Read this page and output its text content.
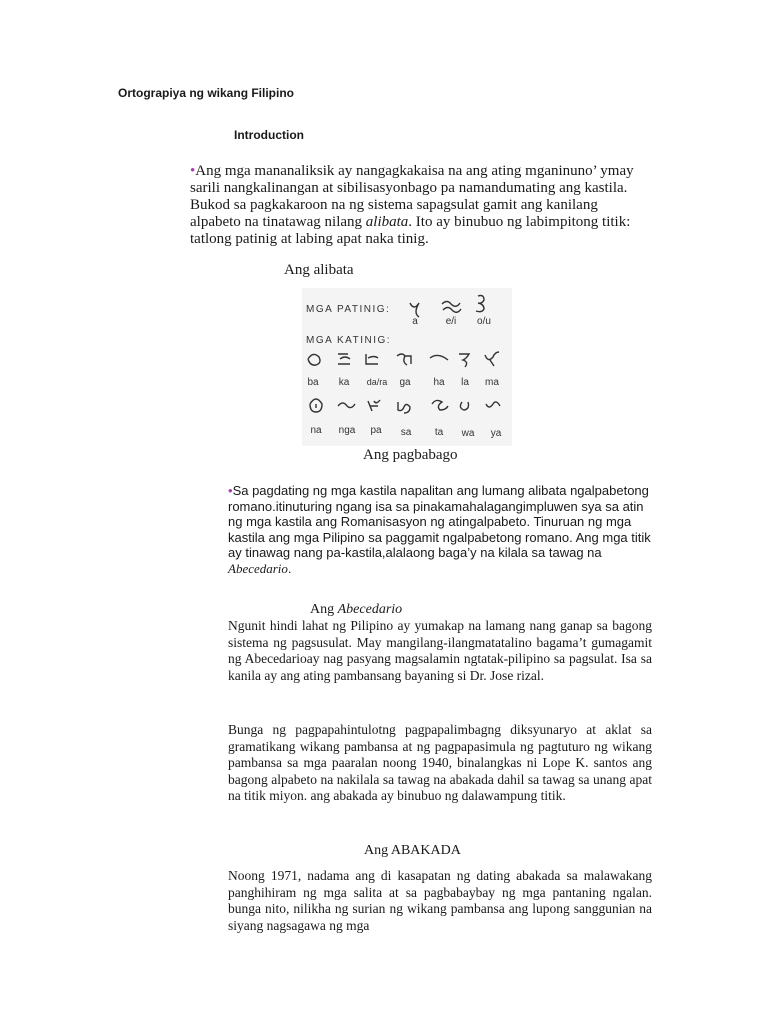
Ortograpiya ng wikang Filipino
Introduction
•Ang mga mananaliksik ay nangagkakaisa na ang ating mganinuno’ ymay sarili nangkalinangan at sibilisasyonbago pa namandumating ang kastila. Bukod sa pagkakaroon na ng sistema sapagsulat gamit ang kanilang alpabeto na tinatawag nilang alibata. Ito ay binubuo ng labimpitong titik: tatlong patinig at labing apat naka tinig.
Ang alibata
MGA PATINIG:
a	e/i o/u
MGA KATINIG:
ba ka da/ra ga ha la ma
na nga pa sa ta wa ya
Ang pagbabago
•Sa pagdating ng mga kastila napalitan ang lumang alibata ngalpabetong romano.itinuturing ngang isa sa pinakamahalagangimpluwen sya sa atin ng mga kastila ang Romanisasyon ng atingalpabeto. Tinuruan ng mga kastila ang mga Pilipino sa paggamit ngalpabetong romano. Ang mga titik ay tinawag nang pa-kastila,alalaong baga’y na kilala sa tawag na Abecedario.
Ang Abecedario
Ngunit hindi lahat ng Pilipino ay yumakap na lamang nang ganap sa bagong sistema ng pagsusulat. May mangilang-ilangmatatalino bagama’t gumagamit ng Abecedarioay nag pasyang magsalamin ngtatak-pilipino sa pagsulat. Isa sa kanila ay ang ating pambansang bayaning si Dr. Jose rizal.
Bunga ng pagpapahintulotng pagpapalimbagng diksyunaryo at aklat sa gramatikang wikang pambansa at ng pagpapasimula ng pagtuturo ng wikang pambansa sa mga paaralan noong 1940, binalangkas ni Lope K. santos ang bagong alpabeto na nakilala sa tawag na abakada dahil sa tawag sa unang apat na titik miyon. ang abakada ay binubuo ng dalawampung titik.
Ang ABAKADA
Noong 1971, nadama ang di kasapatan ng dating abakada sa malawakang panghihiram ng mga salita at sa pagbabaybay ng mga pantaning ngalan. bunga nito, nilikha ng surian ng wikang pambansa ang lupong sanggunian na siyang nagsagawa ng mga
